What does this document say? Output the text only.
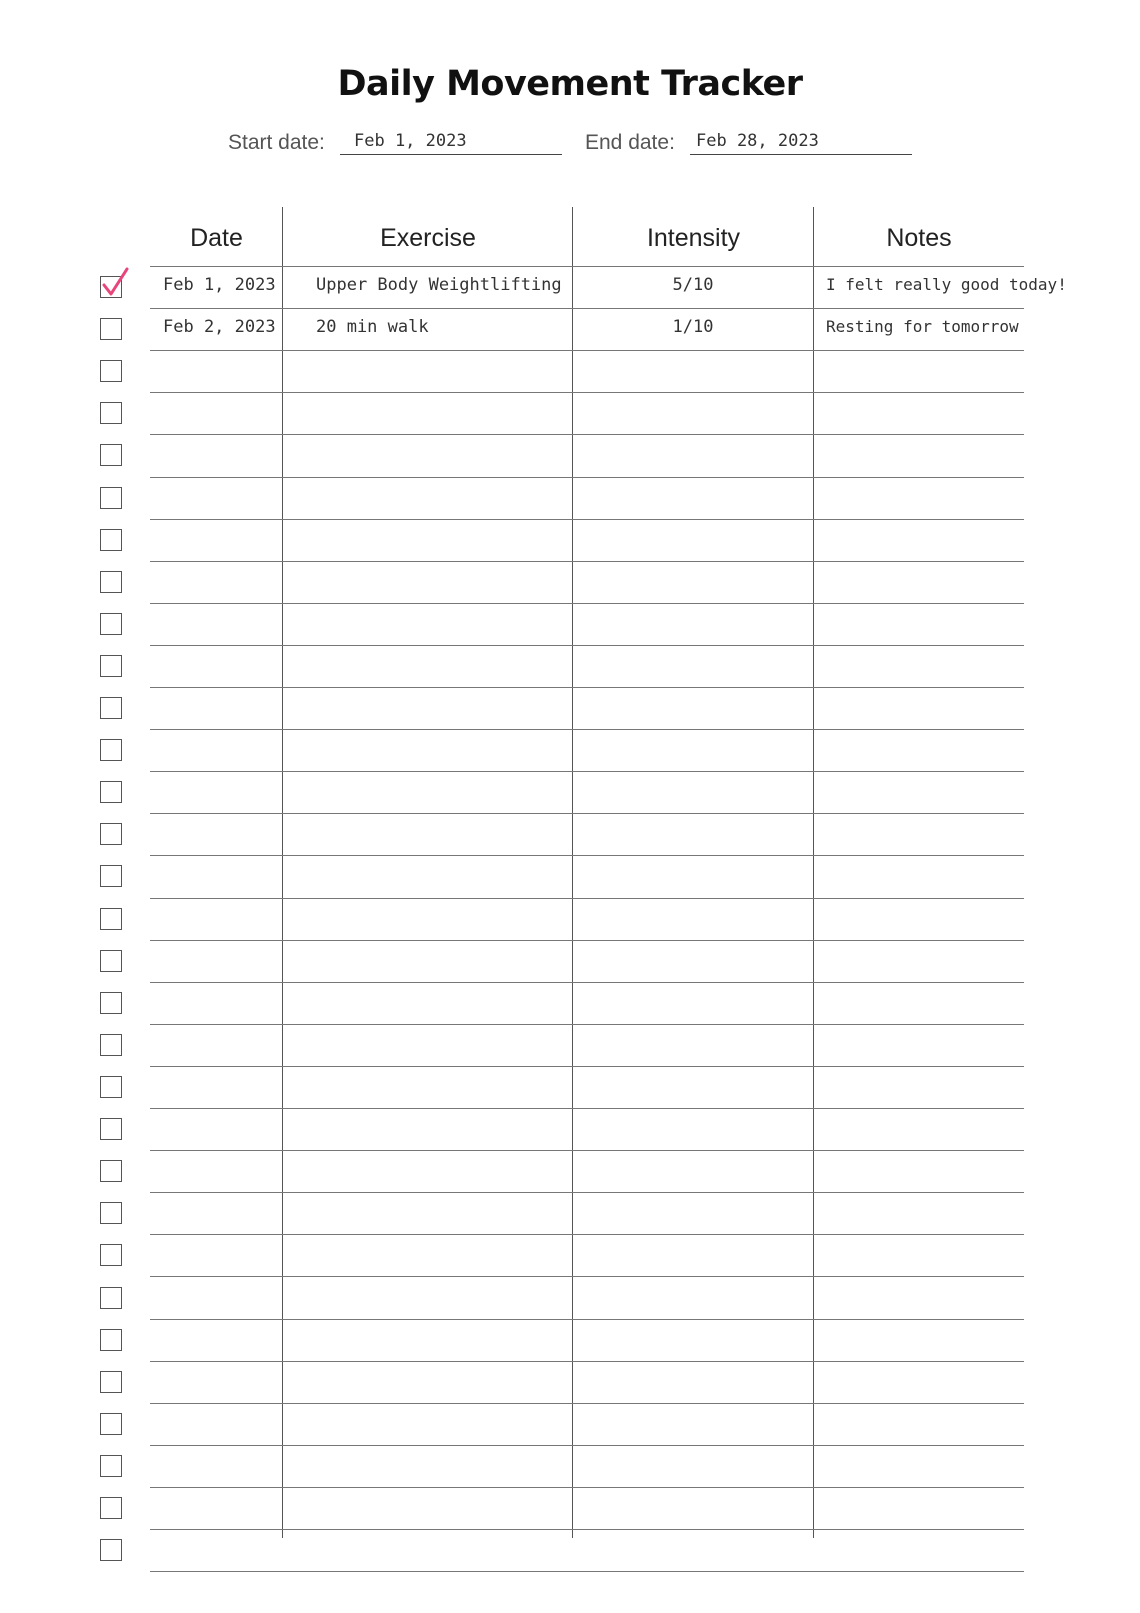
Daily Movement Tracker
Start date: Feb 1, 2023	End date: Feb 28, 2023
Date	Exercise	Intensity	Notes
Feb 1, 2023 Upper Body Weightlifting	5/10	I felt really good today!
Feb 2, 2023 20 min walk	1/10	Resting for tomorrow
